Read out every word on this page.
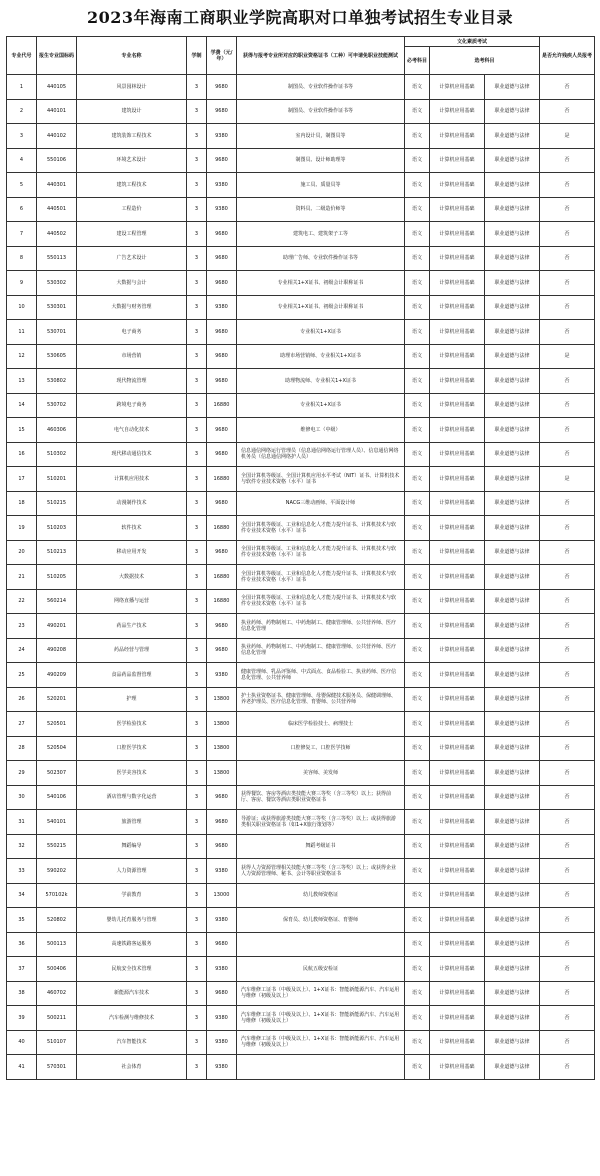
2023年海南工商职业学院高职对口单独考试招生专业目录
专业代号	报生专业国标码	专业名称	学制	学费（元/年）	获得与报考专业所对应的职业资格证书（工种）可申请免职业技能测试	文化素质考试			是否允许残疾人员报考
						必考科目	选考科目		
1	440105	风景园林设计	3	9680	制图员、专业软件操作证书等	语文	计算机应用基础	职业道德与法律	否
2	440101	建筑设计	3	9680	制图员、专业软件操作证书等	语文	计算机应用基础	职业道德与法律	否
3	440102	建筑装饰工程技术	3	9380	室内设计员，制图员等	语文	计算机应用基础	职业道德与法律	是
4	550106	环境艺术设计	3	9680	制图员、设计师助理等	语文	计算机应用基础	职业道德与法律	否
5	440301	建筑工程技术	3	9380	施工员、质量员等	语文	计算机应用基础	职业道德与法律	否
6	440501	工程造价	3	9380	资料员、二级造价师等	语文	计算机应用基础	职业道德与法律	否
7	440502	建设工程管理	3	9680	建筑电工、建筑架子工等	语文	计算机应用基础	职业道德与法律	否
8	550113	广告艺术设计	3	9680	助理广告师、专业软件操作证书等	语文	计算机应用基础	职业道德与法律	否
9	530302	大数据与会计	3	9680	专业相关1+X证书、初级会计职称证书	语文	计算机应用基础	职业道德与法律	否
10	530301	大数据与财务管理	3	9380	专业相关1+X证书、初级会计职称证书	语文	计算机应用基础	职业道德与法律	否
11	530701	电子商务	3	9680	专业相关1+X证书	语文	计算机应用基础	职业道德与法律	否
12	530605	市场营销	3	9680	助理市场营销师、专业相关1+X证书	语文	计算机应用基础	职业道德与法律	是
13	530802	现代物流管理	3	9680	助理物流师、专业相关1+X证书	语文	计算机应用基础	职业道德与法律	否
14	530702	跨境电子商务	3	16880	专业相关1+X证书	语文	计算机应用基础	职业道德与法律	否
15	460306	电气自动化技术	3	9680	维修电工（中级）	语文	计算机应用基础	职业道德与法律	否
16	510302	现代移动通信技术	3	9680	信息通信网络运行管理员（信息通信网络运行管理人员）、信息通信网络机务员（信息通信网络护人员）	语文	计算机应用基础	职业道德与法律	否
17	510201	计算机应用技术	3	16880	全国计算机等级证、全国计算机应用水平考试（NIT）证书、计算机技术与软件专业技术资格（水平）证书	语文	计算机应用基础	职业道德与法律	是
18	510215	动漫制作技术	3	9680	NACG三维动画师、平面设计师	语文	计算机应用基础	职业道德与法律	否
19	510203	软件技术	3	16880	全国计算机等级证、工业和信息化人才能力提升证书、计算机技术与软件专业技术资格（水平）证书	语文	计算机应用基础	职业道德与法律	否
20	510213	移动应用开发	3	9680	全国计算机等级证、工业和信息化人才能力提升证书、计算机技术与软件专业技术资格（水平）证书	语文	计算机应用基础	职业道德与法律	否
21	510205	大数据技术	3	16880	全国计算机等级证、工业和信息化人才能力提升证书、计算机技术与软件专业技术资格（水平）证书	语文	计算机应用基础	职业道德与法律	否
22	560214	网络直播与运营	3	16880	全国计算机等级证、工业和信息化人才能力提升证书、计算机技术与软件专业技术资格（水平）证书	语文	计算机应用基础	职业道德与法律	否
23	490201	药品生产技术	3	9680	执业药师、药物制剂工、中药炮制工、健康管理师、公共营养师、医疗信息化管理	语文	计算机应用基础	职业道德与法律	否
24	490208	药品经营与管理	3	9680	执业药师、药物制剂工、中药炮制工、健康管理师、公共营养师、医疗信息化管理	语文	计算机应用基础	职业道德与法律	否
25	490209	食品药品监督管理	3	9380	健康管理师、乳品评鉴师、中式面点、食品检验工、执业药师、医疗信息化管理、公共营养师	语文	计算机应用基础	职业道德与法律	否
26	520201	护理	3	13800	护士执业资格证书、健康管理师、母婴保健技术服务员、保健调理师、养老护理员、医疗信息化管理、育婴师、公共营养师	语文	计算机应用基础	职业道德与法律	否
27	520501	医学检验技术	3	13800	临床医学检验技士、病理技士	语文	计算机应用基础	职业道德与法律	否
28	520504	口腔医学技术	3	13800	口腔修复工、口腔医学技师	语文	计算机应用基础	职业道德与法律	否
29	502307	医学美容技术	3	13800	美容师、美发师	语文	计算机应用基础	职业道德与法律	否
30	540106	酒店管理与数字化运营	3	9680	获得餐饮、客房等酒店类技能大赛三等奖（含三等奖）以上；获得前厅、客房、餐饮等酒店类职业资格证书	语文	计算机应用基础	职业道德与法律	否
31	540101	旅游管理	3	9680	导游证；或获得旅游类技能大赛三等奖（含三等奖）以上；或获得旅游类相关职业资格证书（如1+X旅行策划等）	语文	计算机应用基础	职业道德与法律	否
32	550215	舞蹈编导	3	9680	舞蹈考级证书	语文	计算机应用基础	职业道德与法律	否
33	590202	人力资源管理	3	9380	获得人力资源管理相关技能大赛三等奖（含三等奖）以上；或获得企业人力资源管理师、秘书、会计等职业资格证书	语文	计算机应用基础	职业道德与法律	否
34	570102k	学前教育	3	13000	幼儿教师资格证	语文	计算机应用基础	职业道德与法律	否
35	520802	婴幼儿托育服务与管理	3	9380	保育员、幼儿教师资格证、育婴师	语文	计算机应用基础	职业道德与法律	否
36	500113	高速铁路客运服务	3	9680		语文	计算机应用基础	职业道德与法律	否
37	500406	民航安全技术管理	3	9380	民航五级安检证	语文	计算机应用基础	职业道德与法律	否
38	460702	新能源汽车技术	3	9680	汽车维修工证书（中级及以上）、1+X证书：智能新能源汽车、汽车运用与维修（初级及以上）	语文	计算机应用基础	职业道德与法律	否
39	500211	汽车检测与维修技术	3	9380	汽车维修工证书（中级及以上）、1+X证书：智能新能源汽车、汽车运用与维修（初级及以上）	语文	计算机应用基础	职业道德与法律	否
40	510107	汽车智能技术	3	9380	汽车维修工证书（中级及以上）、1+X证书：智能新能源汽车、汽车运用与维修（初级及以上）	语文	计算机应用基础	职业道德与法律	否
41	570301	社会体育	3	9380		语文	计算机应用基础	职业道德与法律	否
